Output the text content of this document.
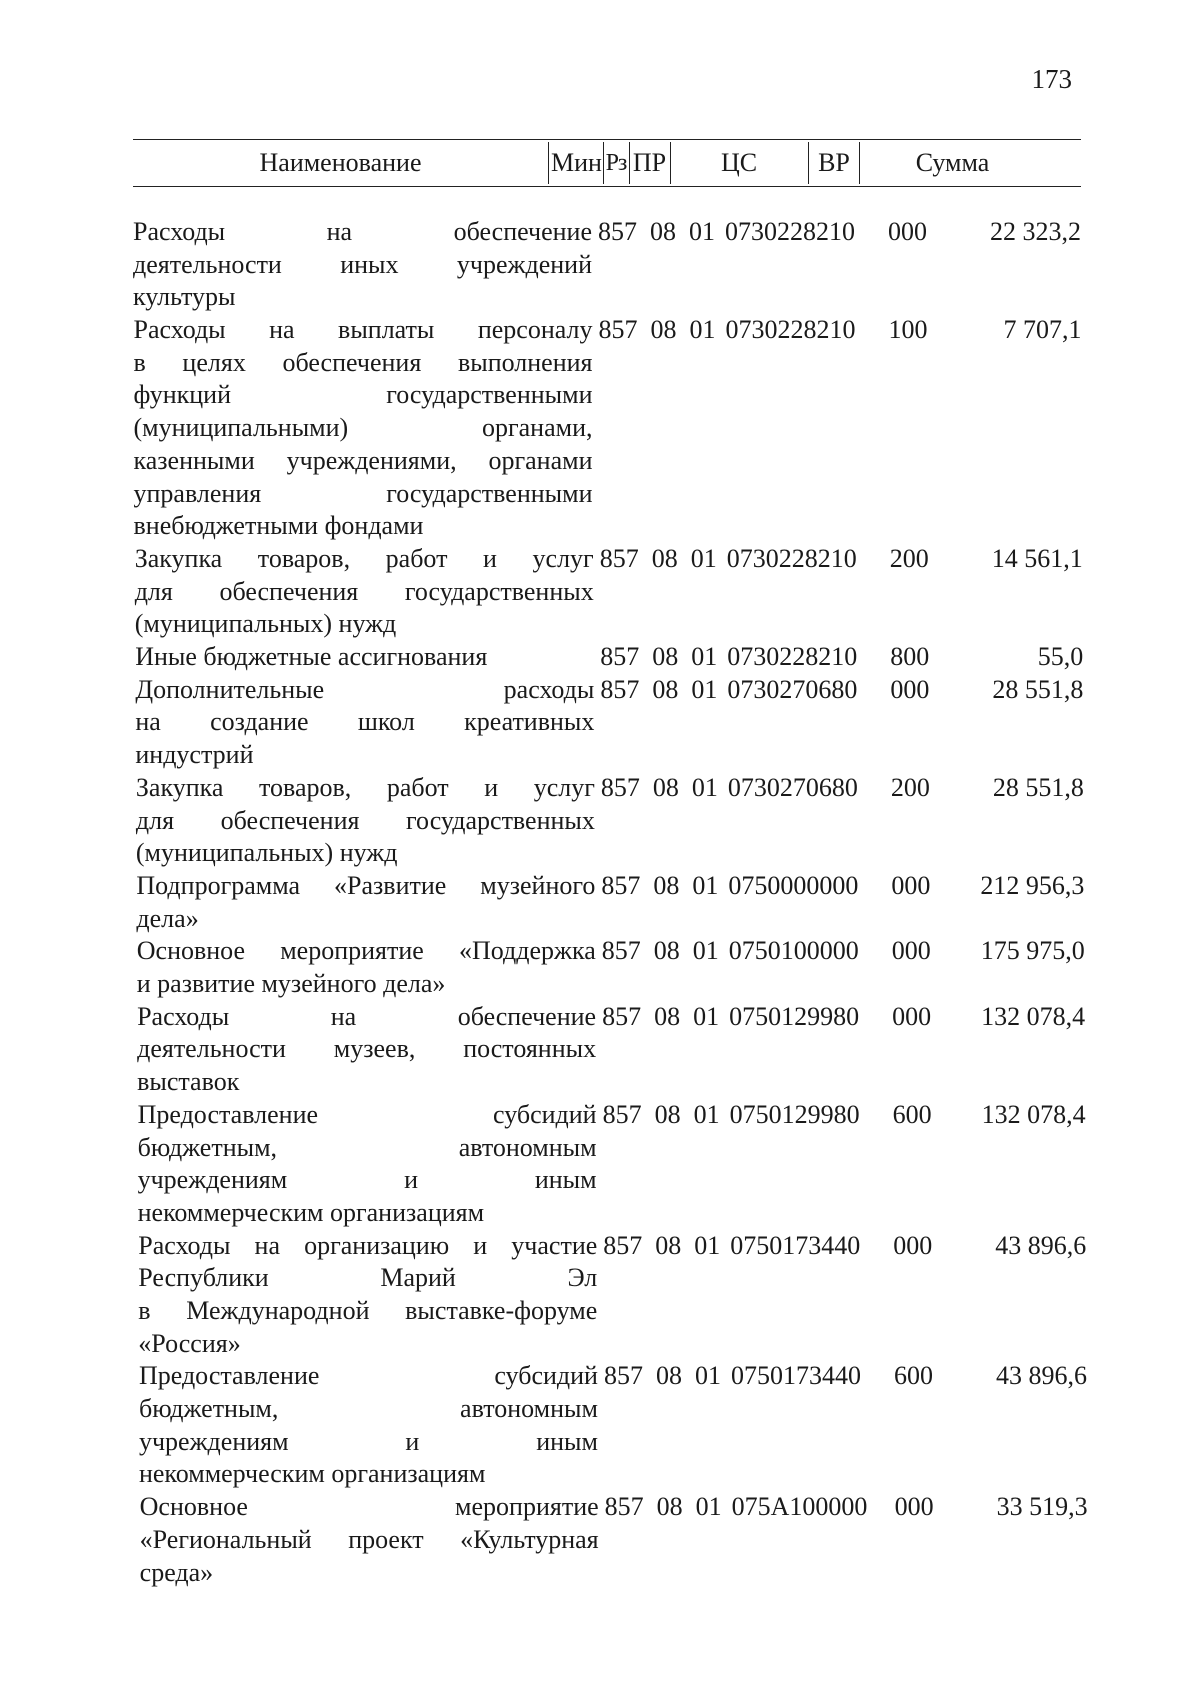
173
Наименование	Мин Рз ПР	ЦС	ВР	Сумма
Расходы на обеспечение
деятельности иных учреждений
культуры
857 08 01 0730228210 000	22 323,2
Расходы на выплаты персоналу
в целях обеспечения выполнения
функций государственными
(муниципальными) органами,
казенными учреждениями, органами
управления государственными
внебюджетными фондами
857 08 01 0730228210 100	7 707,1
Закупка товаров, работ и услуг
для обеспечения государственных
(муниципальных) нужд
857 08 01 0730228210 200	14 561,1
Иные бюджетные ассигнования	857 08 01 0730228210 800	55,0
Дополнительные расходы
на создание школ креативных
индустрий
857 08 01 0730270680 000	28 551,8
Закупка товаров, работ и услуг
для обеспечения государственных
(муниципальных) нужд
857 08 01 0730270680 200	28 551,8
Подпрограмма «Развитие музейного
дела»
857 08 01 0750000000 000	212 956,3
Основное мероприятие «Поддержка
и развитие музейного дела»
857 08 01 0750100000 000	175 975,0
Расходы на обеспечение
деятельности музеев, постоянных
выставок
857 08 01 0750129980 000	132 078,4
Предоставление субсидий
бюджетным, автономным
учреждениям и иным
некоммерческим организациям
857 08 01 0750129980 600	132 078,4
Расходы на организацию и участие
Республики Марий Эл
в Международной выставке-форуме
«Россия»
857 08 01 0750173440 000	43 896,6
Предоставление субсидий
бюджетным, автономным
учреждениям и иным
некоммерческим организациям
857 08 01 0750173440 600	43 896,6
Основное мероприятие
«Региональный проект «Культурная
среда»
857 08 01 075А100000 000	33 519,3
